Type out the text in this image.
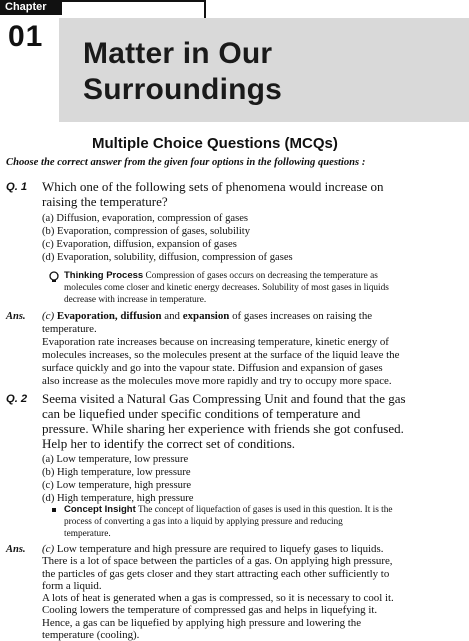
Chapter
01
Matter in Our
Surroundings
Multiple Choice Questions (MCQs)
Choose the correct answer from the given four options in the following questions :
Q. 1 Which one of the following sets of phenomena would increase on
raising the temperature?
(a) Diffusion, evaporation, compression of gases
(b) Evaporation, compression of gases, solubility
(c) Evaporation, diffusion, expansion of gases
(d) Evaporation, solubility, diffusion, compression of gases
Thinking Process Compression of gases occurs on decreasing the temperature as
molecules come closer and kinetic energy decreases. Solubility of most gases in liquids
decrease with increase in temperature.
Ans. (c) Evaporation, diffusion and expansion of gases increases on raising the
temperature.
Evaporation rate increases because on increasing temperature, kinetic energy of
molecules increases, so the molecules present at the surface of the liquid leave the
surface quickly and go into the vapour state. Diffusion and expansion of gases
also increase as the molecules move more rapidly and try to occupy more space.
Q. 2 Seema visited a Natural Gas Compressing Unit and found that the gas
can be liquefied under specific conditions of temperature and
pressure. While sharing her experience with friends she got confused.
Help her to identify the correct set of conditions.
(a) Low temperature, low pressure
(b) High temperature, low pressure
(c) Low temperature, high pressure
(d) High temperature, high pressure
Concept Insight The concept of liquefaction of gases is used in this question. It is the
process of converting a gas into a liquid by applying pressure and reducing
temperature.
Ans. (c) Low temperature and high pressure are required to liquefy gases to liquids.
There is a lot of space between the particles of a gas. On applying high pressure,
the particles of gas gets closer and they start attracting each other sufficiently to
form a liquid.
A lots of heat is generated when a gas is compressed, so it is necessary to cool it.
Cooling lowers the temperature of compressed gas and helps in liquefying it.
Hence, a gas can be liquefied by applying high pressure and lowering the
temperature (cooling).
